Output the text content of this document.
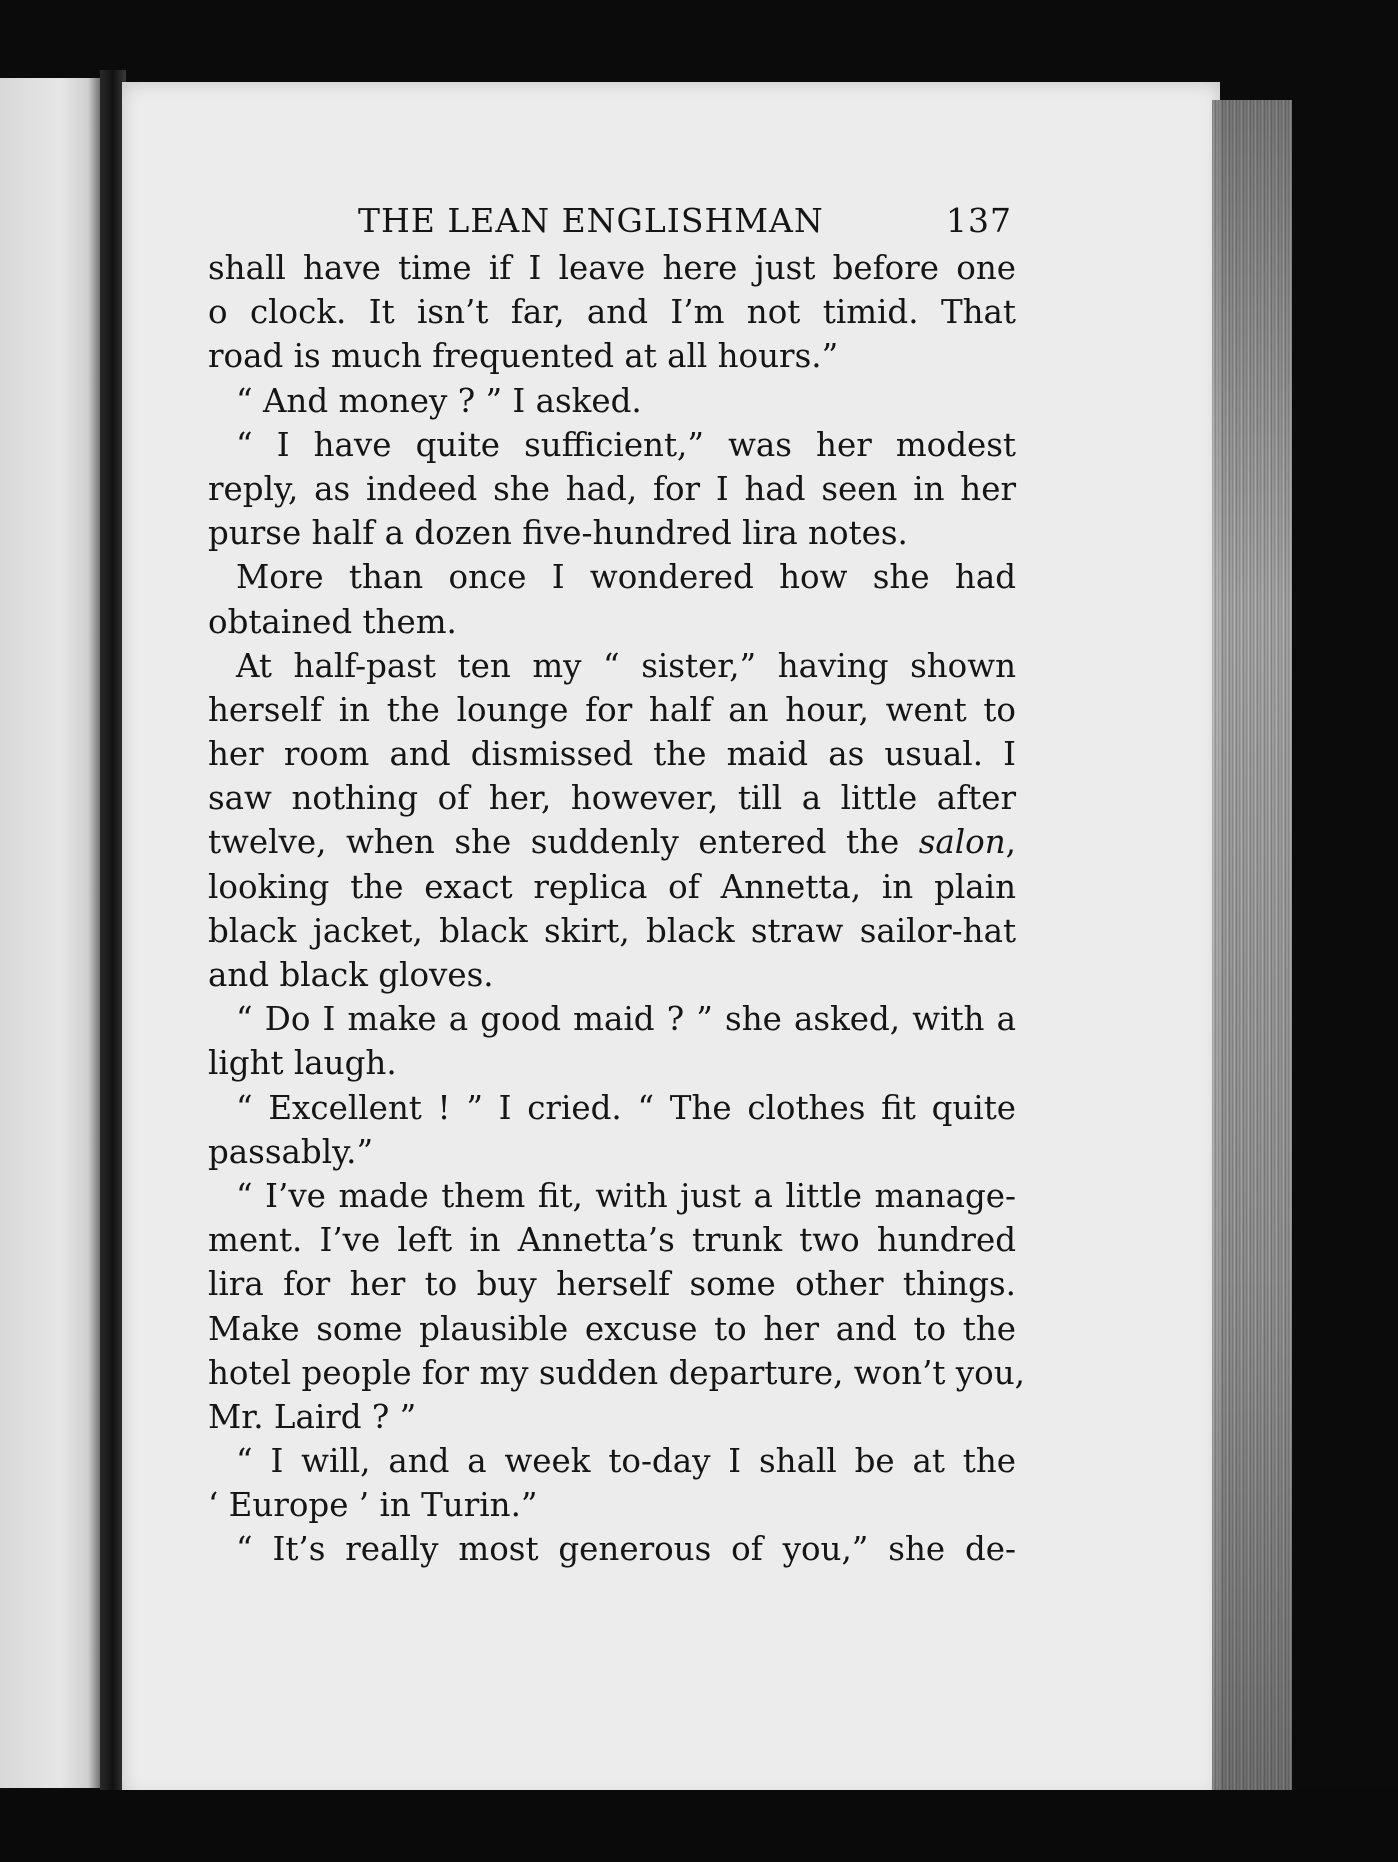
THE LEAN ENGLISHMAN	137
shall have time if I leave here just before one
o clock. It isn’t far, and I’m not timid. That
road is much frequented at all hours.”
“ And money ? ” I asked.
“ I have quite sufficient,” was her modest
reply, as indeed she had, for I had seen in her
purse half a dozen five-hundred lira notes.
More than once I wondered how she had
obtained them.
At half-past ten my “ sister,” having shown
herself in the lounge for half an hour, went to
her room and dismissed the maid as usual. I
saw nothing of her, however, till a little after
twelve, when she suddenly entered the salon,
looking the exact replica of Annetta, in plain
black jacket, black skirt, black straw sailor-hat
and black gloves.
“ Do I make a good maid ? ” she asked, with a
light laugh.
“ Excellent ! ” I cried. “ The clothes fit quite
passably.”
“ I’ve made them fit, with just a little manage-
ment. I’ve left in Annetta’s trunk two hundred
lira for her to buy herself some other things.
Make some plausible excuse to her and to the
hotel people for my sudden departure, won’t you,
Mr. Laird ? ”
“ I will, and a week to-day I shall be at the
‘ Europe ’ in Turin.”
“ It’s really most generous of you,” she de-
